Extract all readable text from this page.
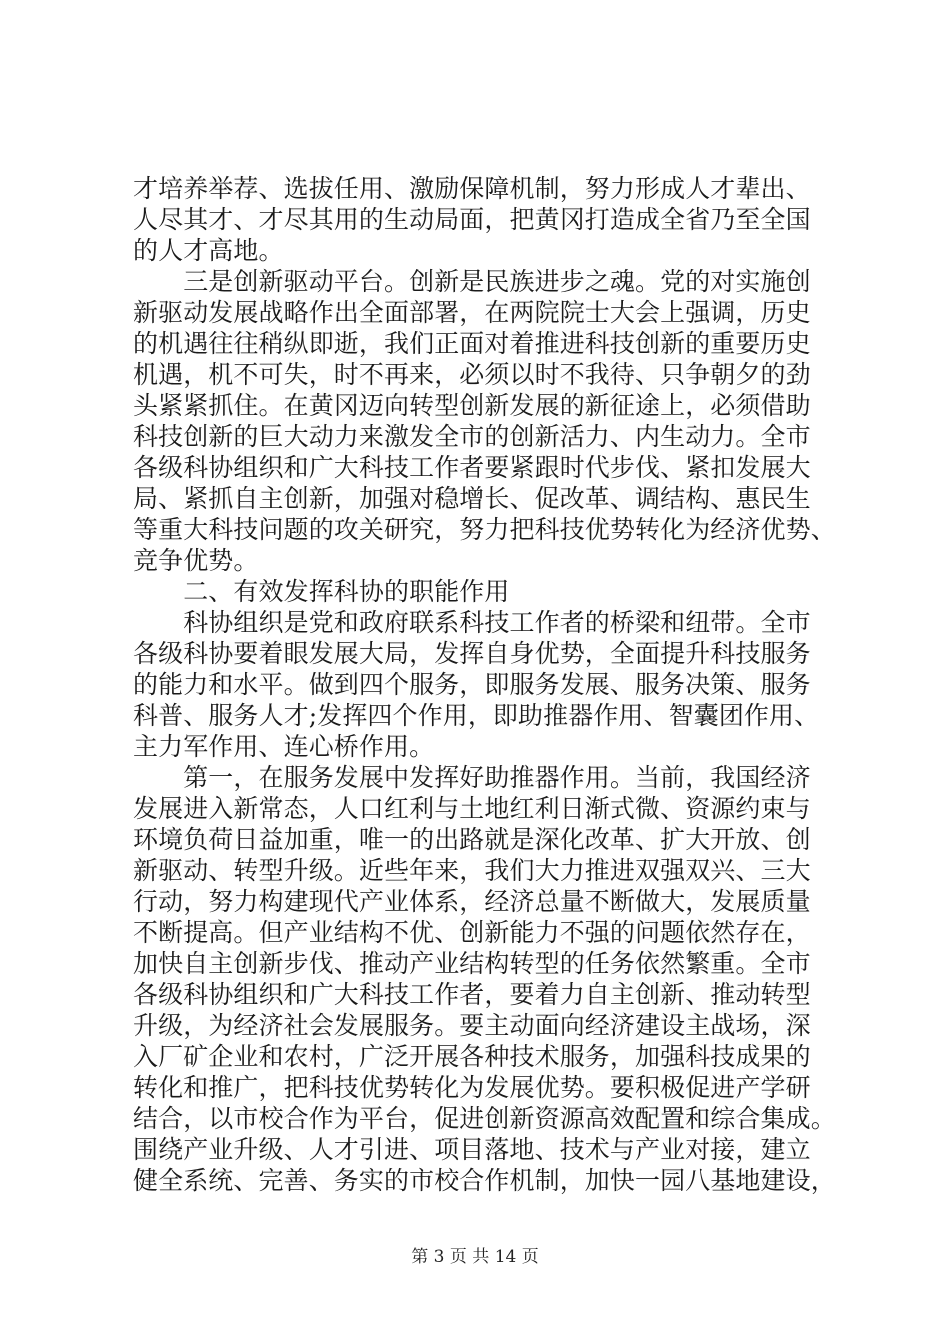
才培养举荐、选拔任用、激励保障机制，努力形成人才辈出、
人尽其才、才尽其用的生动局面，把黄冈打造成全省乃至全国
的人才高地。
　　三是创新驱动平台。创新是民族进步之魂。党的对实施创
新驱动发展战略作出全面部署，在两院院士大会上强调，历史
的机遇往往稍纵即逝，我们正面对着推进科技创新的重要历史
机遇，机不可失，时不再来，必须以时不我待、只争朝夕的劲
头紧紧抓住。在黄冈迈向转型创新发展的新征途上，必须借助
科技创新的巨大动力来激发全市的创新活力、内生动力。全市
各级科协组织和广大科技工作者要紧跟时代步伐、紧扣发展大
局、紧抓自主创新，加强对稳增长、促改革、调结构、惠民生
等重大科技问题的攻关研究，努力把科技优势转化为经济优势、
竞争优势。
　　二、有效发挥科协的职能作用
　　科协组织是党和政府联系科技工作者的桥梁和纽带。全市
各级科协要着眼发展大局，发挥自身优势，全面提升科技服务
的能力和水平。做到四个服务，即服务发展、服务决策、服务
科普、服务人才;发挥四个作用，即助推器作用、智囊团作用、
主力军作用、连心桥作用。
　　第一，在服务发展中发挥好助推器作用。当前，我国经济
发展进入新常态，人口红利与土地红利日渐式微、资源约束与
环境负荷日益加重，唯一的出路就是深化改革、扩大开放、创
新驱动、转型升级。近些年来，我们大力推进双强双兴、三大
行动，努力构建现代产业体系，经济总量不断做大，发展质量
不断提高。但产业结构不优、创新能力不强的问题依然存在，
加快自主创新步伐、推动产业结构转型的任务依然繁重。全市
各级科协组织和广大科技工作者，要着力自主创新、推动转型
升级，为经济社会发展服务。要主动面向经济建设主战场，深
入厂矿企业和农村，广泛开展各种技术服务，加强科技成果的
转化和推广，把科技优势转化为发展优势。要积极促进产学研
结合，以市校合作为平台，促进创新资源高效配置和综合集成。
围绕产业升级、人才引进、项目落地、技术与产业对接，建立
健全系统、完善、务实的市校合作机制，加快一园八基地建设，
第 3 页 共 14 页
